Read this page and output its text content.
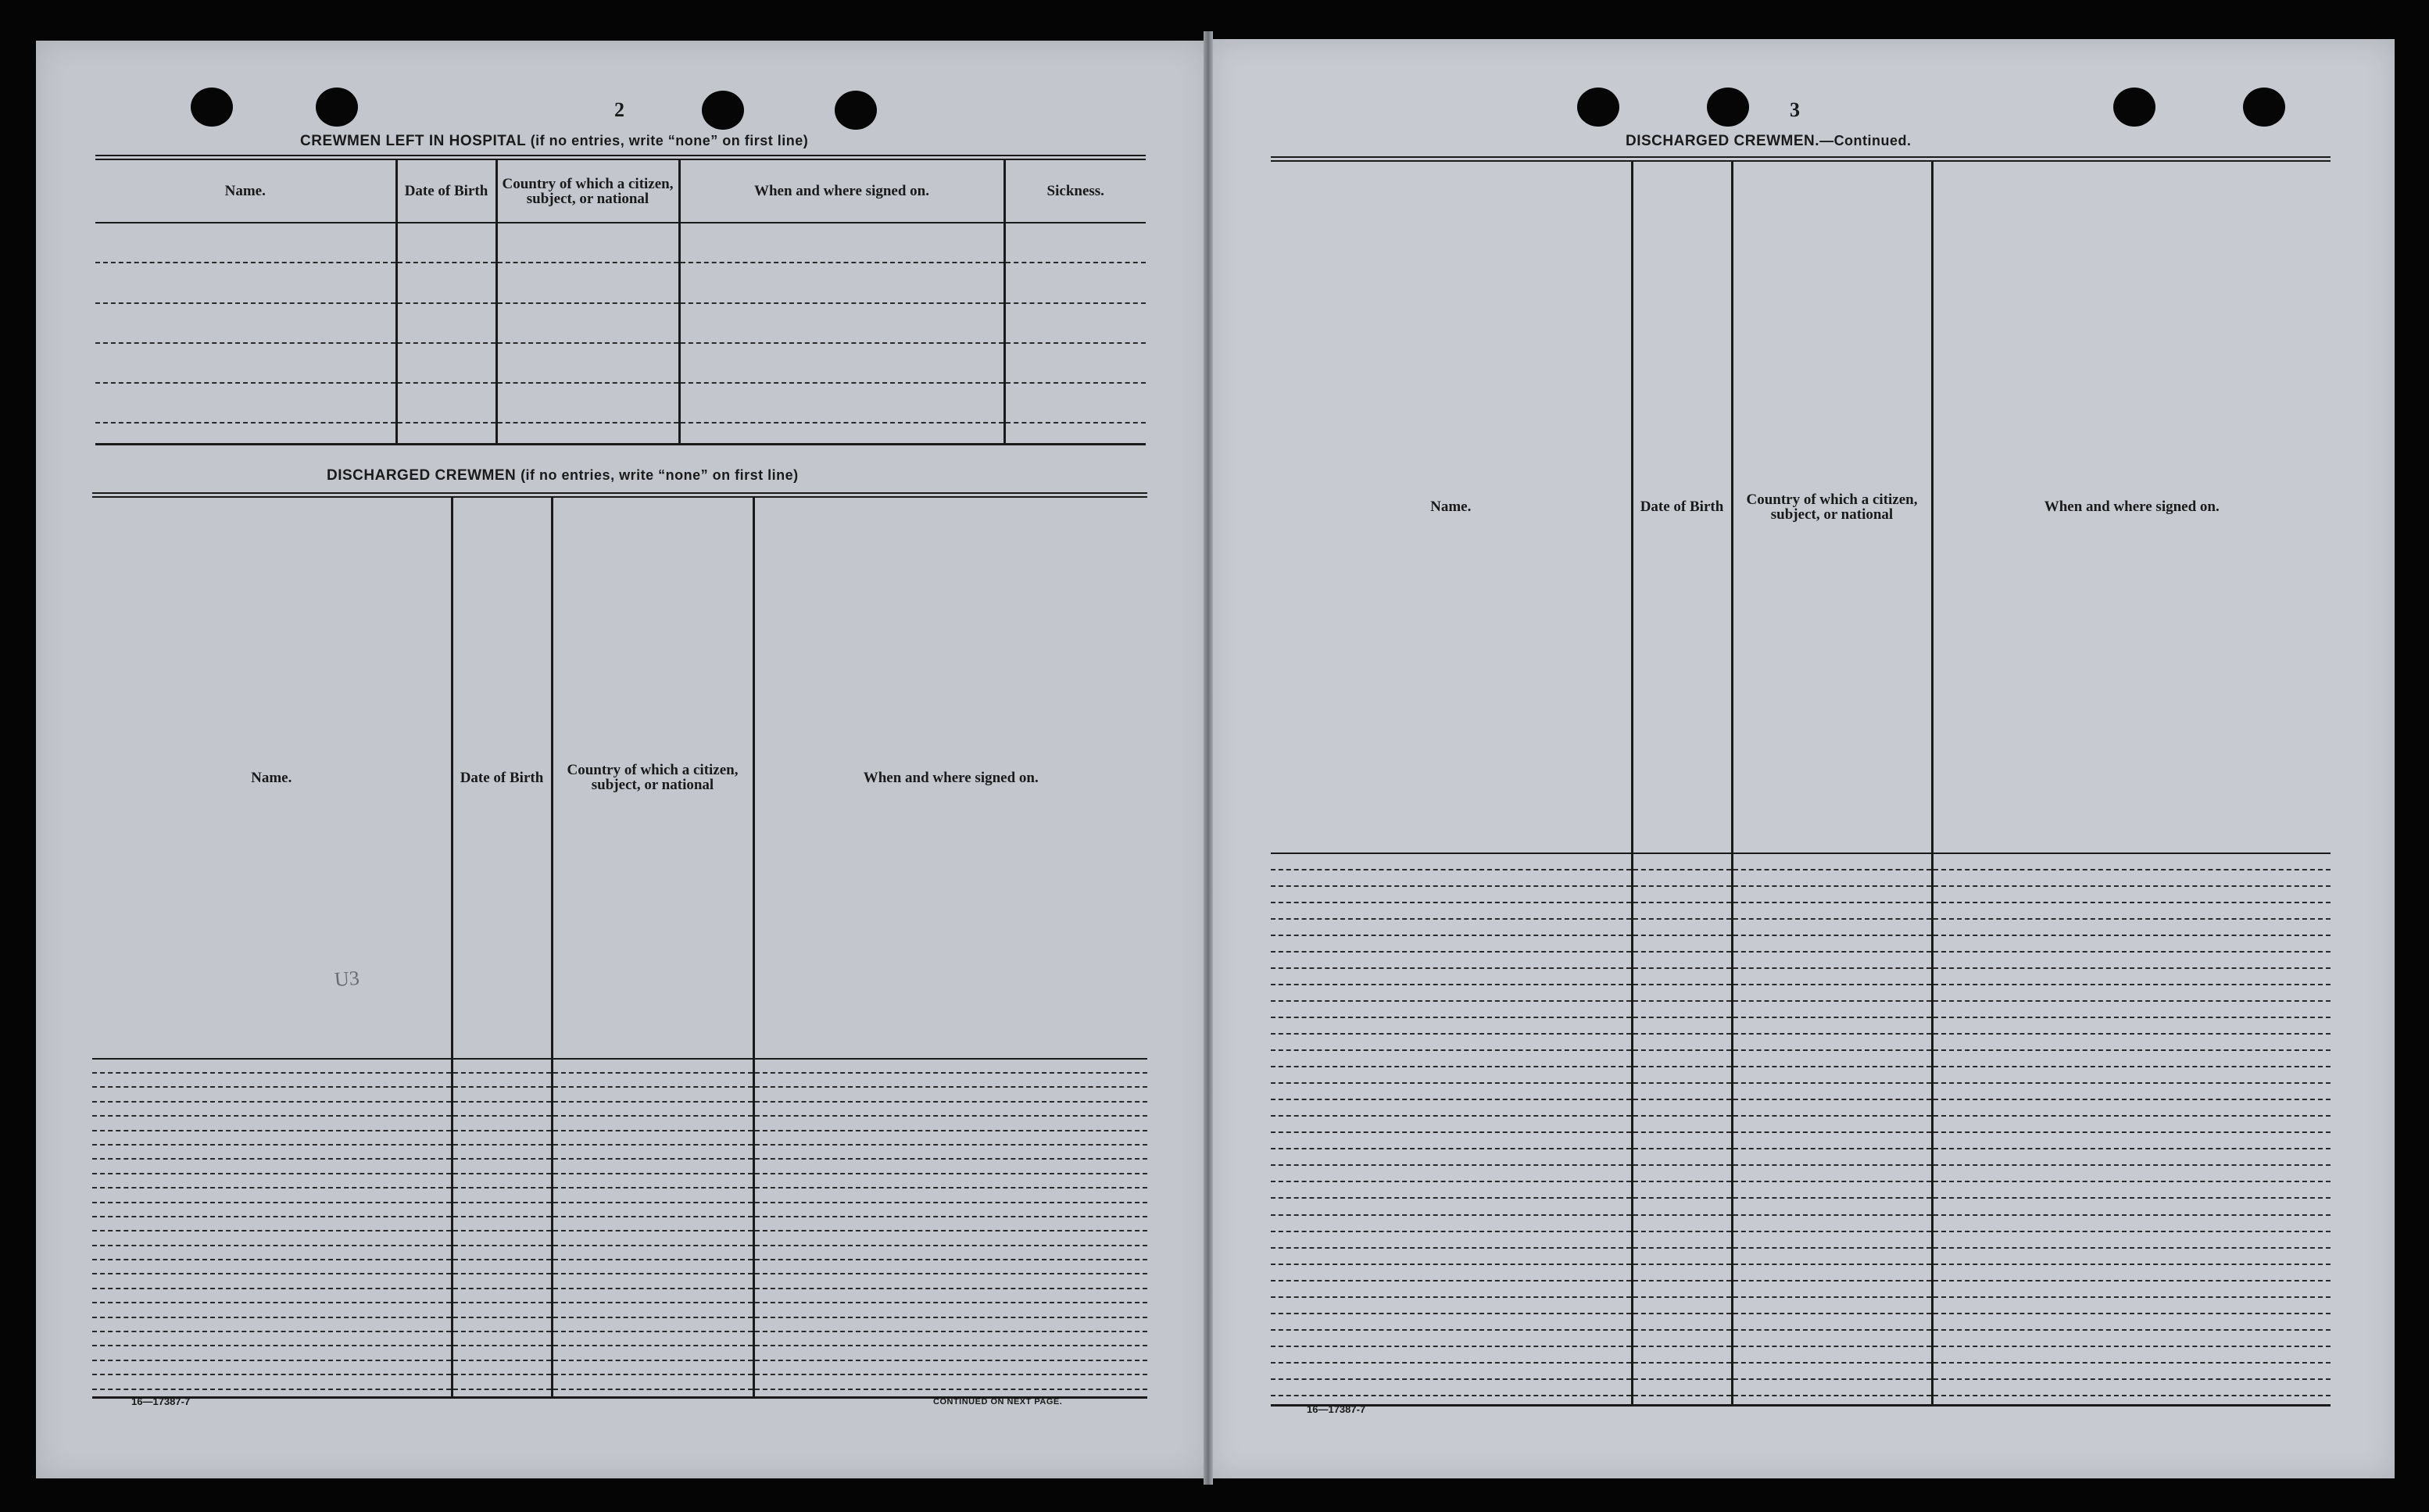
2	3
CREWMEN LEFT IN HOSPITAL (if no entries, write “none” on first line)
Name.	Date of Birth	Country of which a citizen, subject, or national	When and where signed on.	Sickness.

DISCHARGED CREWMEN (if no entries, write “none” on first line)
Name.	Date of Birth	Country of which a citizen, subject, or national	When and where signed on.

U3
16—17387-7	CONTINUED ON NEXT PAGE.
DISCHARGED CREWMEN.—Continued.
Name.	Date of Birth	Country of which a citizen, subject, or national	When and where signed on.

16—17387-7
